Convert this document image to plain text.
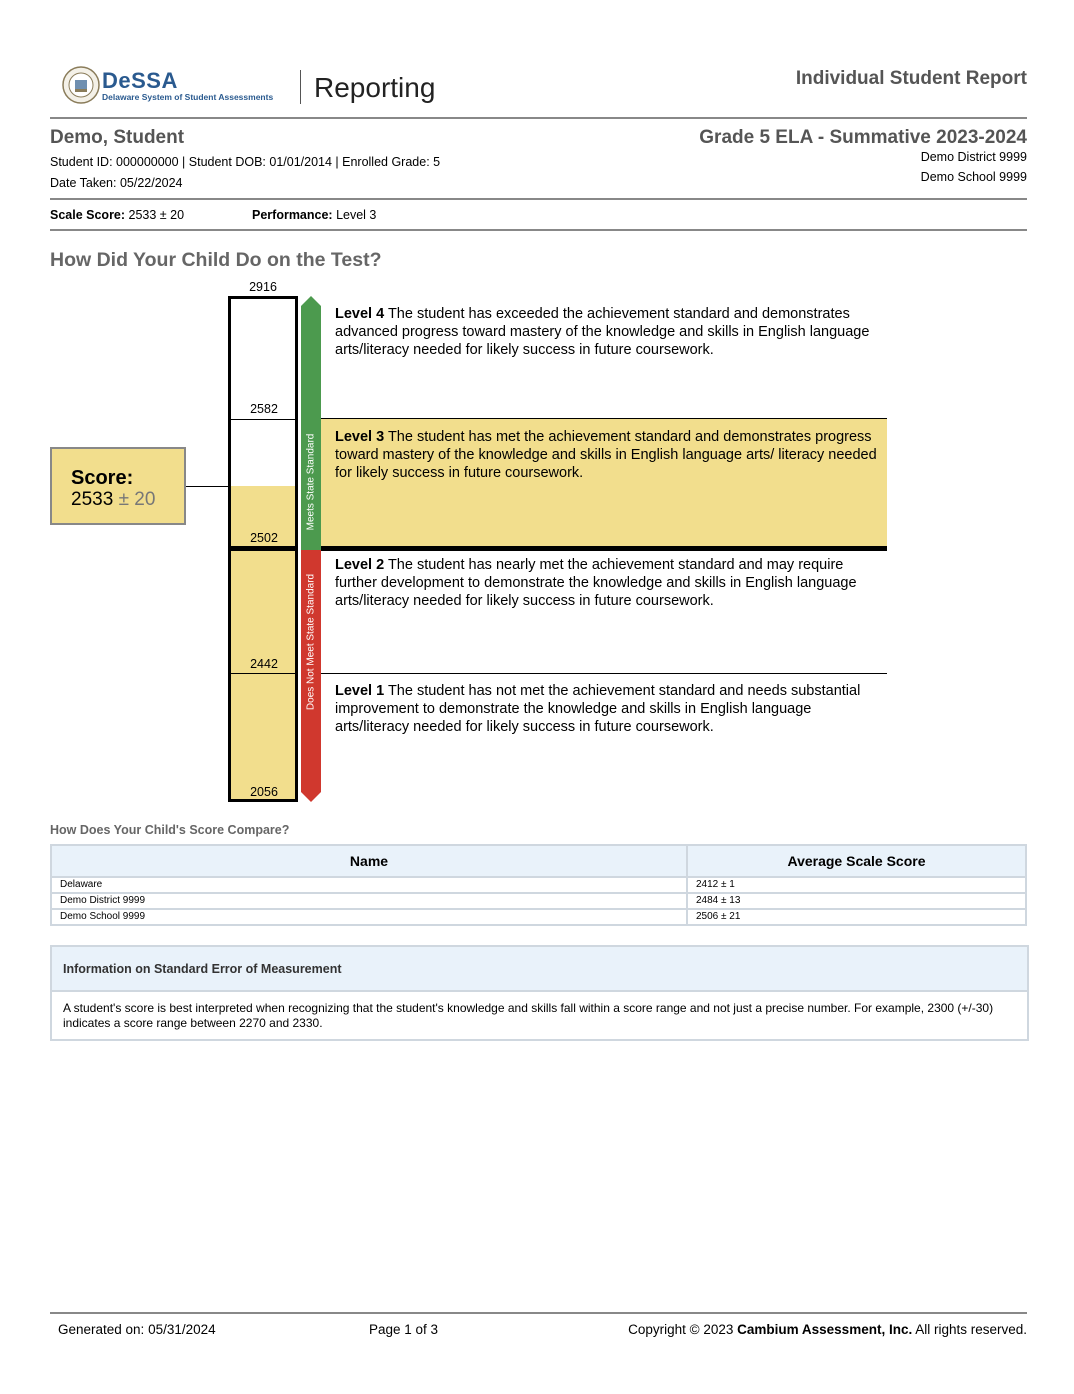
DeSSA
Delaware System of Student Assessments Reporting	Individual Student Report
Demo, Student
Student ID: 000000000 | Student DOB: 01/01/2014 | Enrolled Grade: 5
Date Taken: 05/22/2024
Grade 5 ELA - Summative 2023-2024
Demo District 9999
Demo School 9999
Scale Score: 2533 ± 20	Performance: Level 3
How Did Your Child Do on the Test?
2916
2582
2502
2442
2056
Meets State Standard
Does Not Meet State Standard
Level 4 The student has exceeded the achievement standard and demonstrates advanced progress toward mastery of the knowledge and skills in English language arts/literacy needed for likely success in future coursework.
Level 3 The student has met the achievement standard and demonstrates progress toward mastery of the knowledge and skills in English language arts/ literacy needed for likely success in future coursework.
Level 2 The student has nearly met the achievement standard and may require further development to demonstrate the knowledge and skills in English language arts/literacy needed for likely success in future coursework.
Level 1 The student has not met the achievement standard and needs substantial improvement to demonstrate the knowledge and skills in English language arts/literacy needed for likely success in future coursework.
Score:
2533 ± 20
How Does Your Child's Score Compare?
Name	Average Scale Score
Delaware	2412 ± 1
Demo District 9999	2484 ± 13
Demo School 9999	2506 ± 21
Information on Standard Error of Measurement
A student's score is best interpreted when recognizing that the student's knowledge and skills fall within a score range and not just a precise number. For example, 2300 (+/-30) indicates a score range between 2270 and 2330.
Generated on: 05/31/2024	Page 1 of 3	Copyright © 2023 Cambium Assessment, Inc. All rights reserved.
